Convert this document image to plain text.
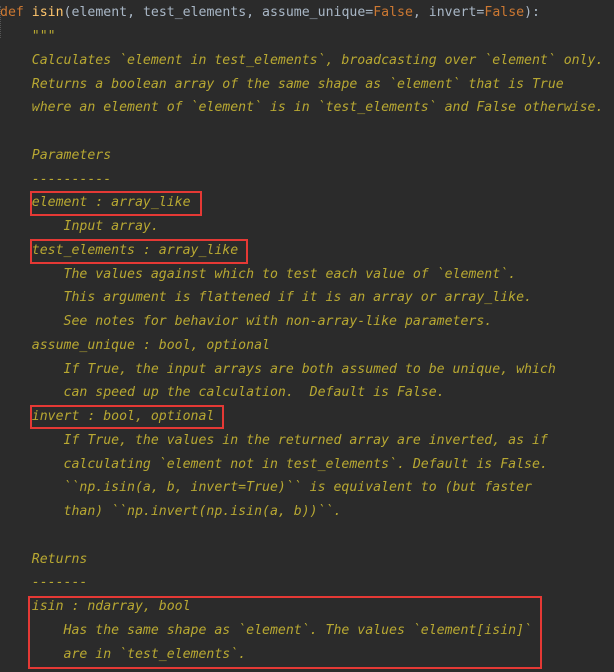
def isin(element, test_elements, assume_unique=False, invert=False):
"""
Calculates `element in test_elements`, broadcasting over `element` only.
Returns a boolean array of the same shape as `element` that is True
where an element of `element` is in `test_elements` and False otherwise.
Parameters
----------
element : array_like
Input array.
test_elements : array_like
The values against which to test each value of `element`.
This argument is flattened if it is an array or array_like.
See notes for behavior with non-array-like parameters.
assume_unique : bool, optional
If True, the input arrays are both assumed to be unique, which
can speed up the calculation.  Default is False.
invert : bool, optional
If True, the values in the returned array are inverted, as if
calculating `element not in test_elements`. Default is False.
``np.isin(a, b, invert=True)`` is equivalent to (but faster
than) ``np.invert(np.isin(a, b))``.
Returns
-------
isin : ndarray, bool
Has the same shape as `element`. The values `element[isin]`
are in `test_elements`.
